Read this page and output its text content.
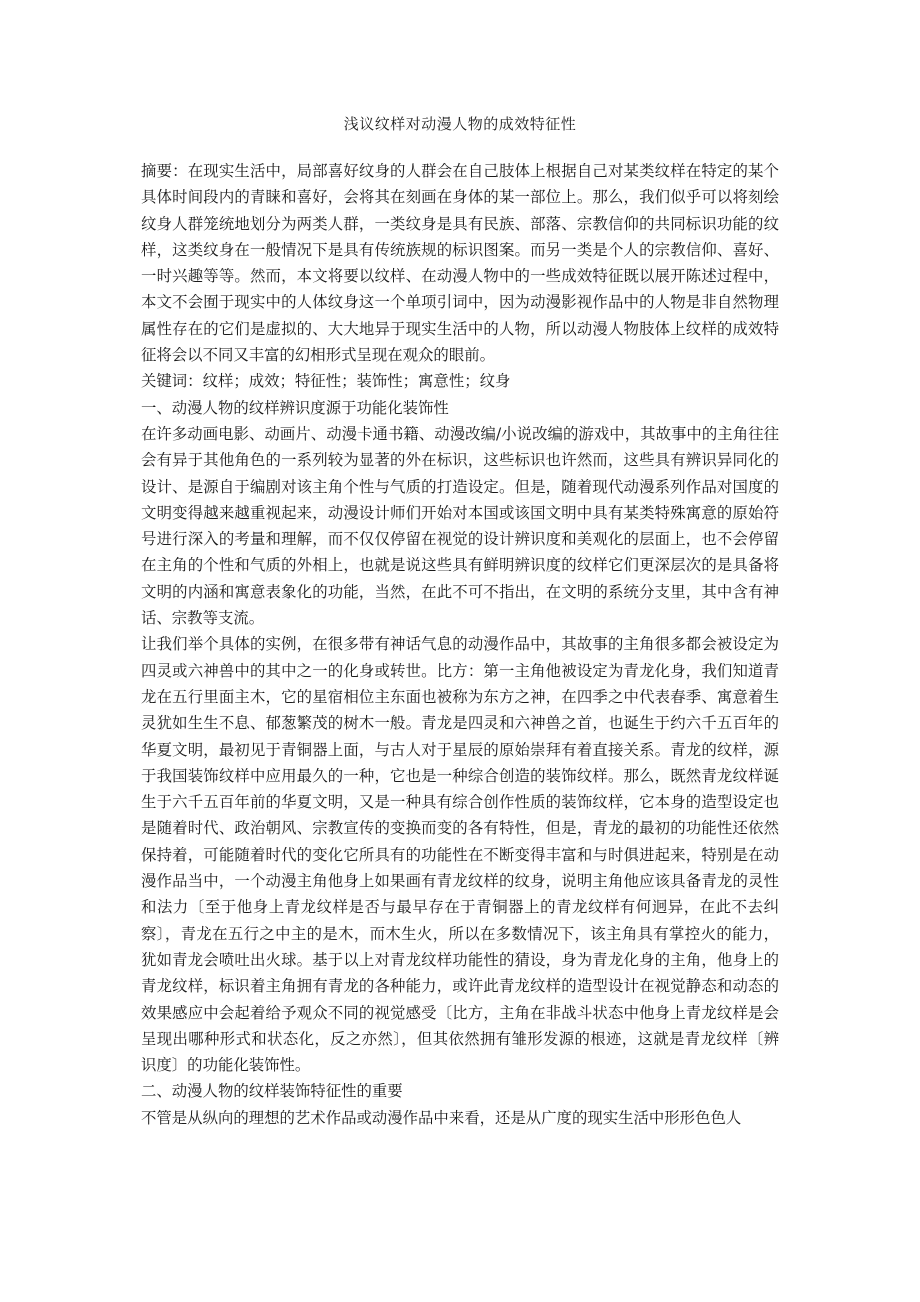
浅议纹样对动漫人物的成效特征性

摘要：在现实生活中，局部喜好纹身的人群会在自己肢体上根据自己对某类纹样在特定的某个具体时间段内的青睐和喜好，会将其在刻画在身体的某一部位上。那么，我们似乎可以将刻绘纹身人群笼统地划分为两类人群，一类纹身是具有民族、部落、宗教信仰的共同标识功能的纹样，这类纹身在一般情况下是具有传统族规的标识图案。而另一类是个人的宗教信仰、喜好、一时兴趣等等。然而，本文将要以纹样、在动漫人物中的一些成效特征既以展开陈述过程中，本文不会囿于现实中的人体纹身这一个单项引词中，因为动漫影视作品中的人物是非自然物理属性存在的它们是虚拟的、大大地异于现实生活中的人物，所以动漫人物肢体上纹样的成效特征将会以不同又丰富的幻相形式呈现在观众的眼前。

关键词：纹样；成效；特征性；装饰性；寓意性；纹身

一、动漫人物的纹样辨识度源于功能化装饰性

在许多动画电影、动画片、动漫卡通书籍、动漫改编/小说改编的游戏中，其故事中的主角往往会有异于其他角色的一系列较为显著的外在标识，这些标识也许然而，这些具有辨识异同化的设计、是源自于编剧对该主角个性与气质的打造设定。但是，随着现代动漫系列作品对国度的文明变得越来越重视起来，动漫设计师们开始对本国或该国文明中具有某类特殊寓意的原始符号进行深入的考量和理解，而不仅仅停留在视觉的设计辨识度和美观化的层面上，也不会停留在主角的个性和气质的外相上，也就是说这些具有鲜明辨识度的纹样它们更深层次的是具备将文明的内涵和寓意表象化的功能，当然，在此不可不指出，在文明的系统分支里，其中含有神话、宗教等支流。

让我们举个具体的实例，在很多带有神话气息的动漫作品中，其故事的主角很多都会被设定为四灵或六神兽中的其中之一的化身或转世。比方：第一主角他被设定为青龙化身，我们知道青龙在五行里面主木，它的星宿相位主东面也被称为东方之神，在四季之中代表春季、寓意着生灵犹如生生不息、郁葱繁茂的树木一般。青龙是四灵和六神兽之首，也诞生于约六千五百年的华夏文明，最初见于青铜器上面，与古人对于星辰的原始崇拜有着直接关系。青龙的纹样，源于我国装饰纹样中应用最久的一种，它也是一种综合创造的装饰纹样。那么，既然青龙纹样诞生于六千五百年前的华夏文明，又是一种具有综合创作性质的装饰纹样，它本身的造型设定也是随着时代、政治朝风、宗教宣传的变换而变的各有特性，但是，青龙的最初的功能性还依然保持着，可能随着时代的变化它所具有的功能性在不断变得丰富和与时俱进起来，特别是在动漫作品当中，一个动漫主角他身上如果画有青龙纹样的纹身，说明主角他应该具备青龙的灵性和法力〔至于他身上青龙纹样是否与最早存在于青铜器上的青龙纹样有何迥异，在此不去纠察〕，青龙在五行之中主的是木，而木生火，所以在多数情况下，该主角具有掌控火的能力，犹如青龙会喷吐出火球。基于以上对青龙纹样功能性的猜设，身为青龙化身的主角，他身上的青龙纹样，标识着主角拥有青龙的各种能力，或许此青龙纹样的造型设计在视觉静态和动态的效果感应中会起着给予观众不同的视觉感受〔比方，主角在非战斗状态中他身上青龙纹样是会呈现出哪种形式和状态化，反之亦然〕，但其依然拥有雏形发源的根迹，这就是青龙纹样〔辨识度〕的功能化装饰性。

二、动漫人物的纹样装饰特征性的重要

不管是从纵向的理想的艺术作品或动漫作品中来看，还是从广度的现实生活中形形色色人
